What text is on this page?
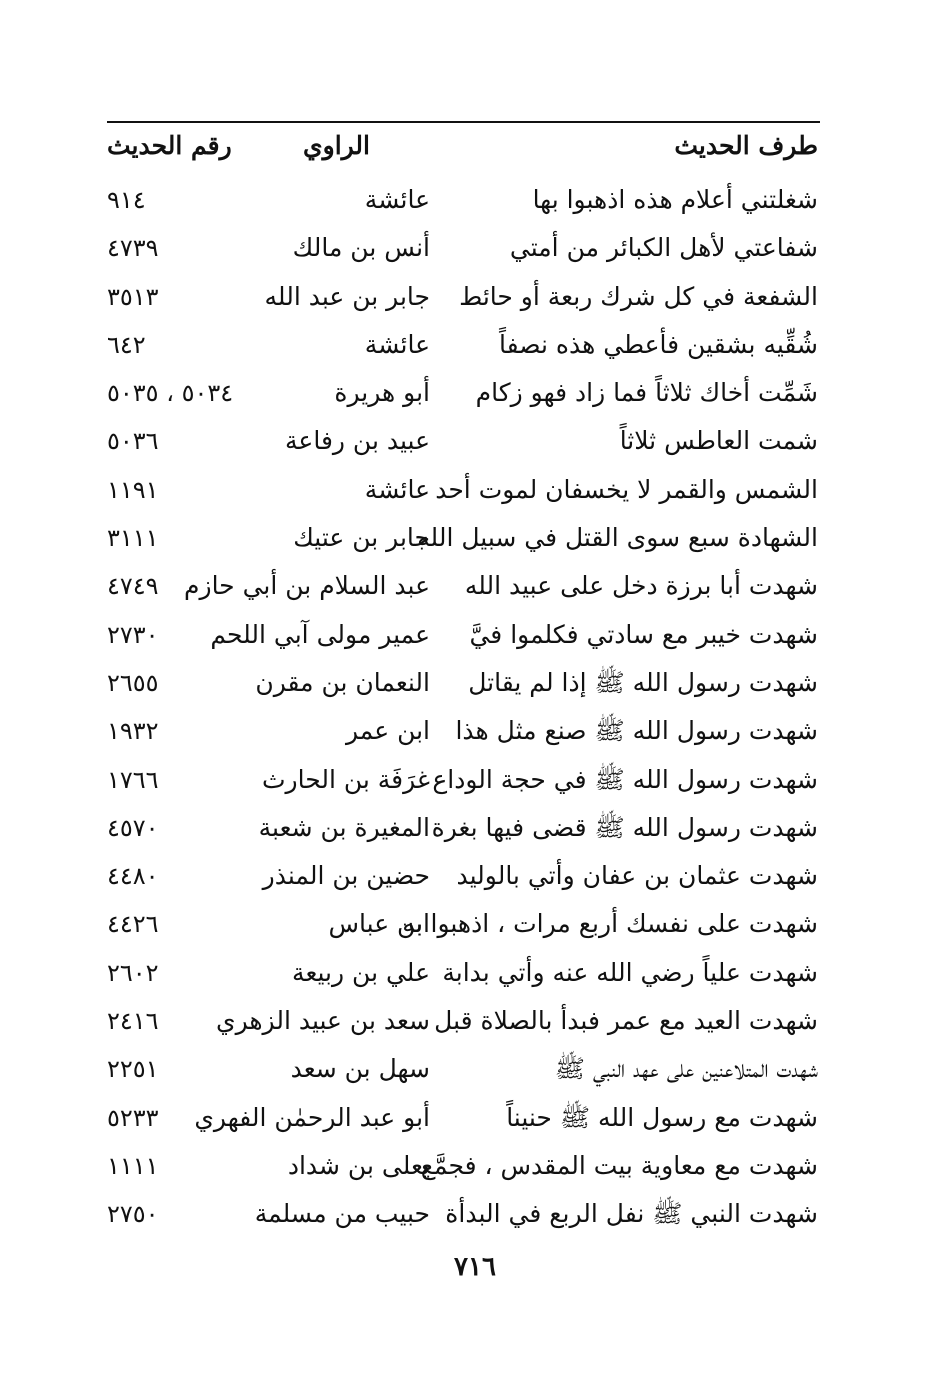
طرف الحديث
الراوي
رقم الحديث
شغلتني أعلام هذه اذهبوا بها
عائشة
٩١٤
شفاعتي لأهل الكبائر من أمتي
أنس بن مالك
٤٧٣٩
الشفعة في كل شرك ربعة أو حائط
جابر بن عبد الله
٣٥١٣
شُقِّيه بشقين فأعطي هذه نصفاً
عائشة
٦٤٢
شَمِّت أخاك ثلاثاً فما زاد فهو زكام
أبو هريرة
٥٠٣٤ ، ٥٠٣٥
شمت العاطس ثلاثاً
عبيد بن رفاعة
٥٠٣٦
الشمس والقمر لا يخسفان لموت أحد
عائشة
١١٩١
الشهادة سبع سوى القتل في سبيل الله
جابر بن عتيك
٣١١١
شهدت أبا برزة دخل على عبيد الله
عبد السلام بن أبي حازم
٤٧٤٩
شهدت خيبر مع سادتي فكلموا فيَّ
عمير مولى آبي اللحم
٢٧٣٠
شهدت رسول الله ﷺ إذا لم يقاتل
النعمان بن مقرن
٢٦٥٥
شهدت رسول الله ﷺ صنع مثل هذا
ابن عمر
١٩٣٢
شهدت رسول الله ﷺ في حجة الوداع
غرَفَة بن الحارث
١٧٦٦
شهدت رسول الله ﷺ قضى فيها بغرة
المغيرة بن شعبة
٤٥٧٠
شهدت عثمان بن عفان وأتي بالوليد
حضين بن المنذر
٤٤٨٠
شهدت على نفسك أربع مرات ، اذهبوا به
ابن عباس
٤٤٢٦
شهدت علياً رضي الله عنه وأتي بدابة
علي بن ربيعة
٢٦٠٢
شهدت العيد مع عمر فبدأ بالصلاة قبل
سعد بن عبيد الزهري
٢٤١٦
شهدت المتلاعنين على عهد النبي ﷺ
سهل بن سعد
٢٢٥١
شهدت مع رسول الله ﷺ حنيناً
أبو عبد الرحمٰن الفهري
٥٢٣٣
شهدت مع معاوية بيت المقدس ، فجمَّع
يعلى بن شداد
١١١١
شهدت النبي ﷺ نفل الربع في البدأة
حبيب من مسلمة
٢٧٥٠
٧١٦
